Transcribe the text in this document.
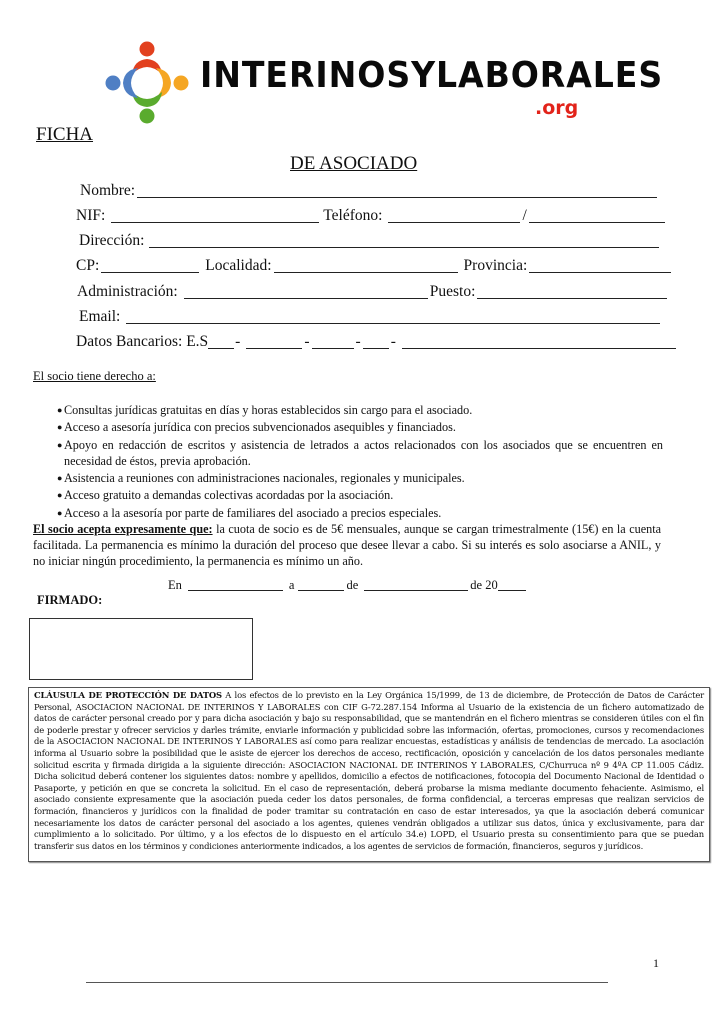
INTERINOSYLABORALES
.org
FICHA
DE ASOCIADO
Nombre:
NIF:	Teléfono:	/
Dirección:
CP:	Localidad:	Provincia:
Administración:	Puesto:
Email:
Datos Bancarios: E.S -	-	- -
El socio tiene derecho a:
● Consultas jurídicas gratuitas en días y horas establecidos sin cargo para el asociado.
● Acceso a asesoría jurídica con precios subvencionados asequibles y financiados.
● Apoyo en redacción de escritos y asistencia de letrados a actos relacionados con los asociados que se encuentren en necesidad de éstos, previa aprobación.
● Asistencia a reuniones con administraciones nacionales, regionales y municipales.
● Acceso gratuito a demandas colectivas acordadas por la asociación.
● Acceso a la asesoría por parte de familiares del asociado a precios especiales.
El socio acepta expresamente que: la cuota de socio es de 5€ mensuales, aunque se cargan trimestralmente (15€) en la cuenta facilitada. La permanencia es mínimo la duración del proceso que desee llevar a cabo. Si su interés es solo asociarse a ANIL, y no iniciar ningún procedimiento, la permanencia es mínimo un año.
En	a	de	de 20
FIRMADO:
CLÁUSULA DE PROTECCIÓN DE DATOS A los efectos de lo previsto en la Ley Orgánica 15/1999, de 13 de diciembre, de Protección de Datos de Carácter Personal, ASOCIACION NACIONAL DE INTERINOS Y LABORALES con CIF G-72.287.154 Informa al Usuario de la existencia de un fichero automatizado de datos de carácter personal creado por y para dicha asociación y bajo su responsabilidad, que se mantendrán en el fichero mientras se consideren útiles con el fin de poderle prestar y ofrecer servicios y darles trámite, enviarle información y publicidad sobre las información, ofertas, promociones, cursos y recomendaciones de la ASOCIACION NACIONAL DE INTERINOS Y LABORALES así como para realizar encuestas, estadísticas y análisis de tendencias de mercado. La asociación informa al Usuario sobre la posibilidad que le asiste de ejercer los derechos de acceso, rectificación, oposición y cancelación de los datos personales mediante solicitud escrita y firmada dirigida a la siguiente dirección: ASOCIACION NACIONAL DE INTERINOS Y LABORALES, C/Churruca nº 9 4ºA CP 11.005 Cádiz. Dicha solicitud deberá contener los siguientes datos: nombre y apellidos, domicilio a efectos de notificaciones, fotocopia del Documento Nacional de Identidad o Pasaporte, y petición en que se concreta la solicitud. En el caso de representación, deberá probarse la misma mediante documento fehaciente. Asimismo, el asociado consiente expresamente que la asociación pueda ceder los datos personales, de forma confidencial, a terceras empresas que realizan servicios de formación, financieros y jurídicos con la finalidad de poder tramitar su contratación en caso de estar interesados, ya que la asociación deberá comunicar necesariamente los datos de carácter personal del asociado a los agentes, quienes vendrán obligados a utilizar sus datos, única y exclusivamente, para dar cumplimiento a lo solicitado. Por último, y a los efectos de lo dispuesto en el artículo 34.e) LOPD, el Usuario presta su consentimiento para que se puedan transferir sus datos en los términos y condiciones anteriormente indicados, a los agentes de servicios de formación, financieros, seguros y jurídicos.
1
